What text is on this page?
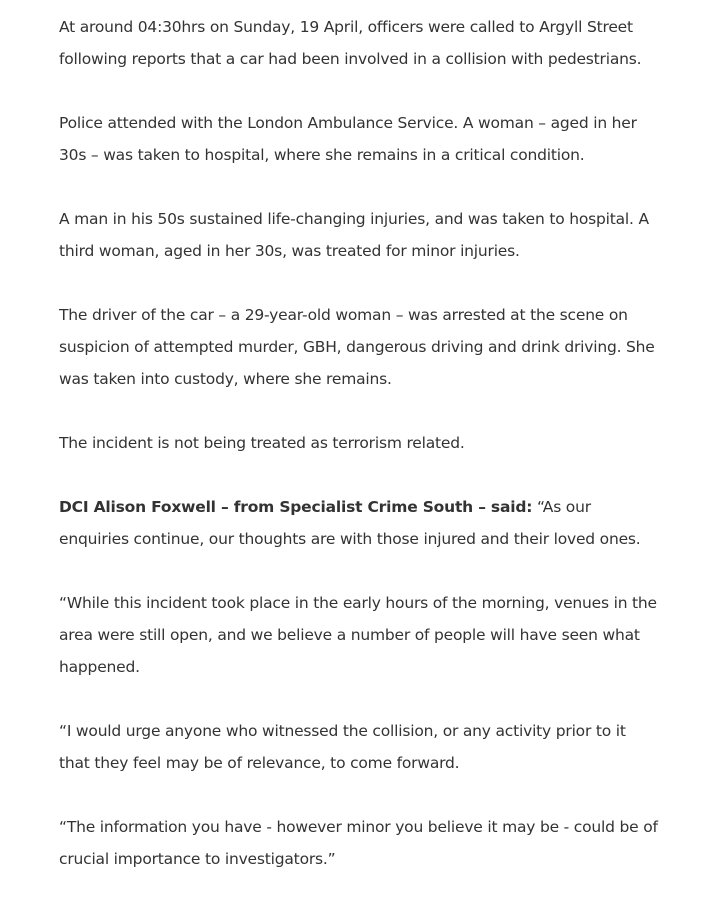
At around 04:30hrs on Sunday, 19 April, officers were called to Argyll Street following reports that a car had been involved in a collision with pedestrians.

Police attended with the London Ambulance Service. A woman – aged in her 30s – was taken to hospital, where she remains in a critical condition.

A man in his 50s sustained life-changing injuries, and was taken to hospital. A third woman, aged in her 30s, was treated for minor injuries.

The driver of the car – a 29-year-old woman – was arrested at the scene on suspicion of attempted murder, GBH, dangerous driving and drink driving. She was taken into custody, where she remains.

The incident is not being treated as terrorism related.

DCI Alison Foxwell – from Specialist Crime South – said: “As our enquiries continue, our thoughts are with those injured and their loved ones.

“While this incident took place in the early hours of the morning, venues in the area were still open, and we believe a number of people will have seen what happened.

“I would urge anyone who witnessed the collision, or any activity prior to it that they feel may be of relevance, to come forward.

“The information you have - however minor you believe it may be - could be of crucial importance to investigators.”
